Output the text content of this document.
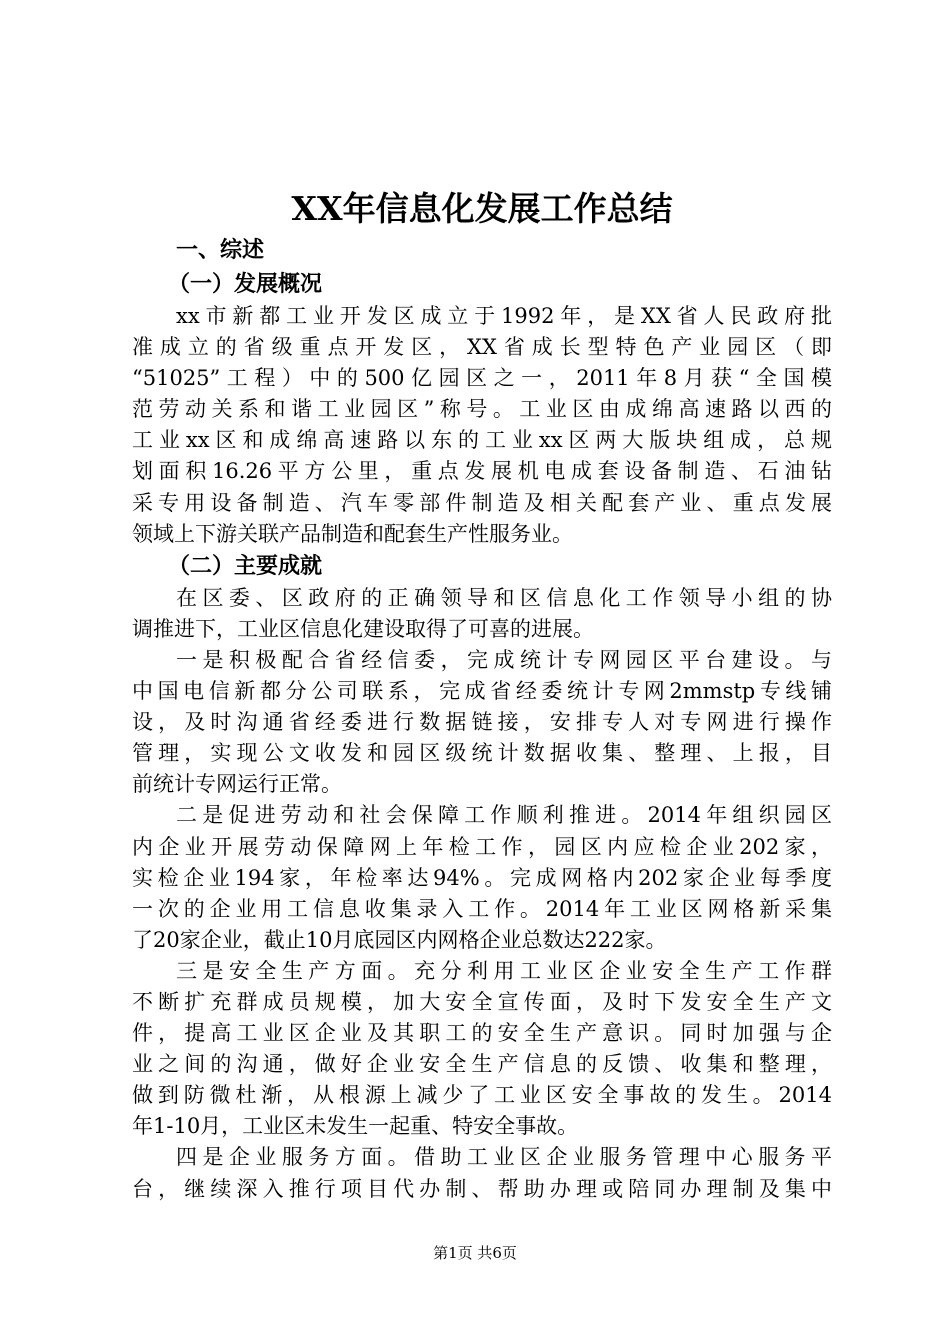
XX年信息化发展工作总结
一、综述
（一）发展概况
xx市新都工业开发区成立于1992年，是XX省人民政府批
准成立的省级重点开发区，XX省成长型特色产业园区（即
“51025”工程）中的500亿园区之一，2011年8月获“全国模
范劳动关系和谐工业园区”称号。工业区由成绵高速路以西的
工业xx区和成绵高速路以东的工业xx区两大版块组成，总规
划面积16.26平方公里，重点发展机电成套设备制造、石油钻
采专用设备制造、汽车零部件制造及相关配套产业、重点发展
领域上下游关联产品制造和配套生产性服务业。
（二）主要成就
在区委、区政府的正确领导和区信息化工作领导小组的协
调推进下，工业区信息化建设取得了可喜的进展。
一是积极配合省经信委，完成统计专网园区平台建设。与
中国电信新都分公司联系，完成省经委统计专网2mmstp专线铺
设，及时沟通省经委进行数据链接，安排专人对专网进行操作
管理，实现公文收发和园区级统计数据收集、整理、上报，目
前统计专网运行正常。
二是促进劳动和社会保障工作顺利推进。2014年组织园区
内企业开展劳动保障网上年检工作，园区内应检企业202家，
实检企业194家，年检率达94%。完成网格内202家企业每季度
一次的企业用工信息收集录入工作。2014年工业区网格新采集
了20家企业，截止10月底园区内网格企业总数达222家。
三是安全生产方面。充分利用工业区企业安全生产工作群
不断扩充群成员规模，加大安全宣传面，及时下发安全生产文
件，提高工业区企业及其职工的安全生产意识。同时加强与企
业之间的沟通，做好企业安全生产信息的反馈、收集和整理，
做到防微杜渐，从根源上减少了工业区安全事故的发生。2014
年1-10月，工业区未发生一起重、特安全事故。
四是企业服务方面。借助工业区企业服务管理中心服务平
台，继续深入推行项目代办制、帮助办理或陪同办理制及集中
第1页 共6页
